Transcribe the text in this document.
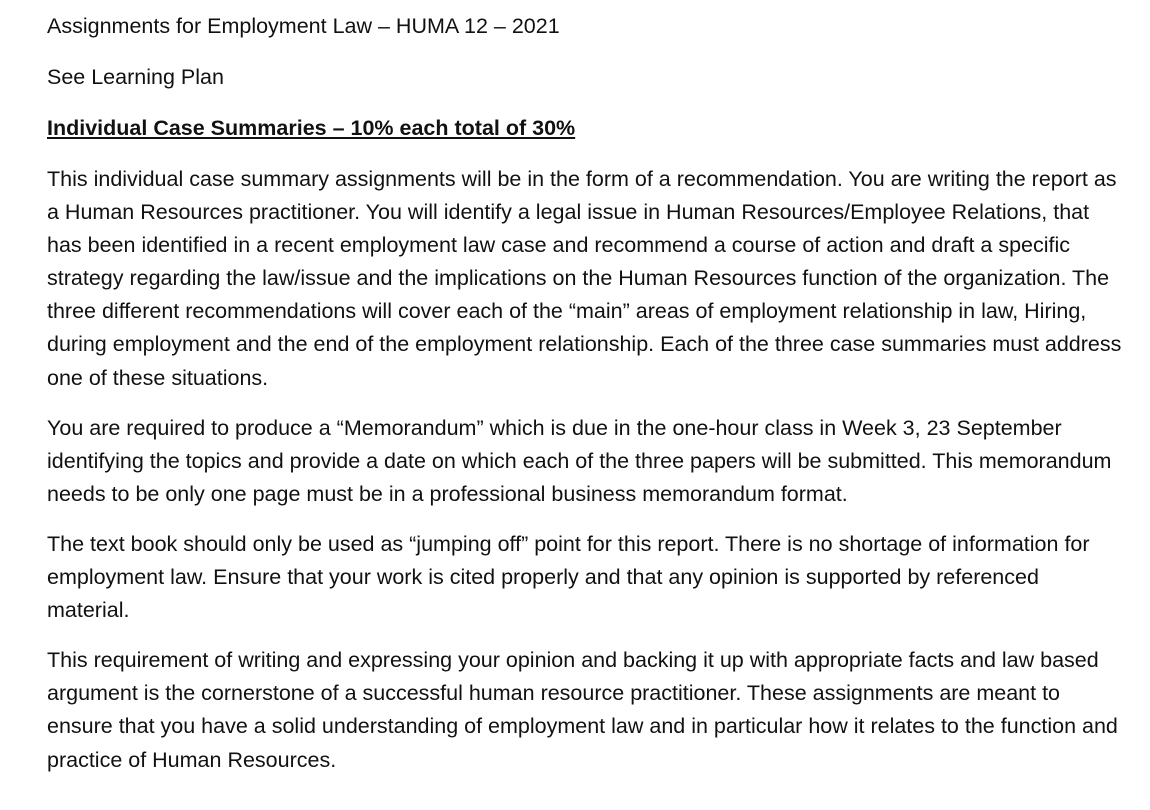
Assignments for Employment Law – HUMA 12 – 2021
See Learning Plan
Individual Case Summaries – 10% each total of 30%
This individual case summary assignments will be in the form of a recommendation. You are writing the report as a Human Resources practitioner. You will identify a legal issue in Human Resources/Employee Relations, that has been identified in a recent employment law case and recommend a course of action and draft a specific strategy regarding the law/issue and the implications on the Human Resources function of the organization. The three different recommendations will cover each of the “main” areas of employment relationship in law, Hiring, during employment and the end of the employment relationship. Each of the three case summaries must address one of these situations.
You are required to produce a “Memorandum” which is due in the one-hour class in Week 3, 23 September identifying the topics and provide a date on which each of the three papers will be submitted. This memorandum needs to be only one page must be in a professional business memorandum format.
The text book should only be used as “jumping off” point for this report. There is no shortage of information for employment law. Ensure that your work is cited properly and that any opinion is supported by referenced material.
This requirement of writing and expressing your opinion and backing it up with appropriate facts and law based argument is the cornerstone of a successful human resource practitioner. These assignments are meant to ensure that you have a solid understanding of employment law and in particular how it relates to the function and practice of Human Resources.
